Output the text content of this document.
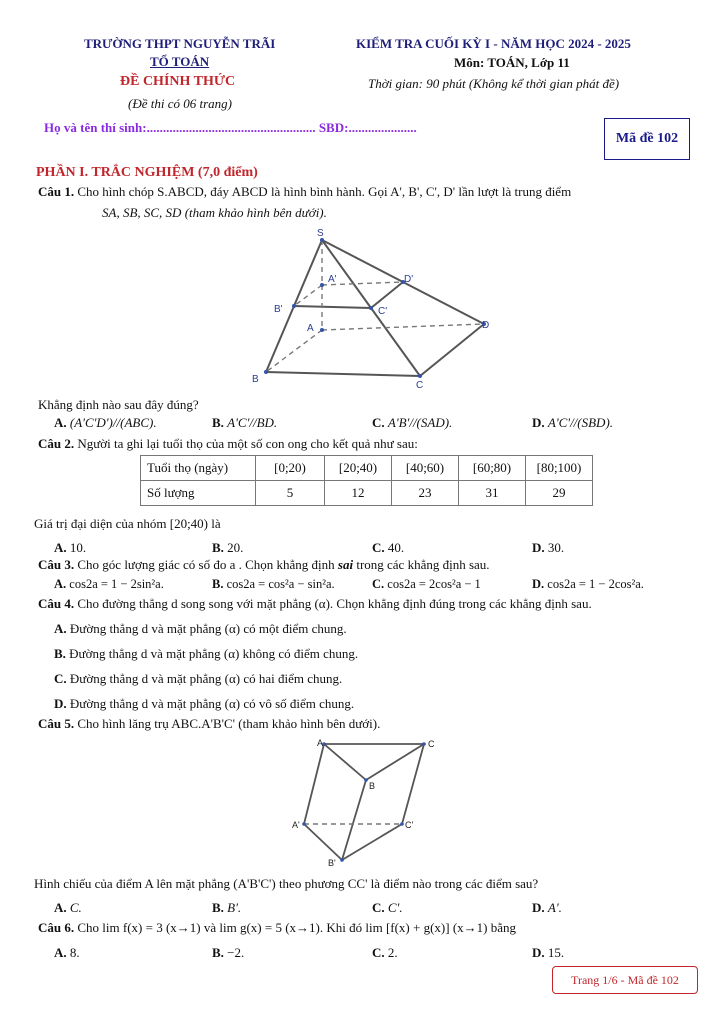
TRƯỜNG THPT NGUYỄN TRÃI
TỔ TOÁN
ĐỀ CHÍNH THỨC
(Đề thi có 06 trang)
KIỂM TRA CUỐI KỲ I - NĂM HỌC 2024 - 2025
Môn: TOÁN, Lớp 11
Thời gian: 90 phút (Không kể thời gian phát đề)
Họ và tên thí sinh:.................................................... SBD:.....................
Mã đề 102
PHẦN I. TRẮC NGHIỆM (7,0 điểm)
Câu 1. Cho hình chóp S.ABCD, đáy ABCD là hình bình hành. Gọi A', B', C', D' lần lượt là trung điểm
SA, SB, SC, SD (tham khảo hình bên dưới).
S
A'	D'
B'	C'
A	D
B
C
Khẳng định nào sau đây đúng?
A. (A'C'D')//(ABC).	B. A'C'//BD.	C. A'B'//(SAD).	D. A'C'//(SBD).
Câu 2. Người ta ghi lại tuổi thọ của một số con ong cho kết quả như sau:
Tuổi thọ (ngày)	[0;20)	[20;40)	[40;60)	[60;80)	[80;100)
Số lượng	5	12	23	31	29
Giá trị đại diện của nhóm [20;40) là
A. 10.	B. 20.	C. 40.	D. 30.
Câu 3. Cho góc lượng giác có số đo a . Chọn khẳng định sai trong các khẳng định sau.
A. cos2a = 1 − 2sin²a.	B. cos2a = cos²a − sin²a.	C. cos2a = 2cos²a − 1	D. cos2a = 1 − 2cos²a.
Câu 4. Cho đường thẳng d song song với mặt phẳng (α). Chọn khẳng định đúng trong các khẳng định sau.
A. Đường thẳng d và mặt phẳng (α) có một điểm chung.
B. Đường thẳng d và mặt phẳng (α) không có điểm chung.
C. Đường thẳng d và mặt phẳng (α) có hai điểm chung.
D. Đường thẳng d và mặt phẳng (α) có vô số điểm chung.
Câu 5. Cho hình lăng trụ ABC.A'B'C' (tham khảo hình bên dưới).
A	C
B
A'	C'
B'
Hình chiếu của điểm A lên mặt phẳng (A'B'C') theo phương CC' là điểm nào trong các điểm sau?
A. C.	B. B'.	C. C'.	D. A'.
Câu 6. Cho lim f(x) = 3 (x→1) và lim g(x) = 5 (x→1). Khi đó lim [f(x) + g(x)] (x→1) bằng
A. 8.	B. −2.	C. 2.	D. 15.
Trang 1/6 - Mã đề 102
